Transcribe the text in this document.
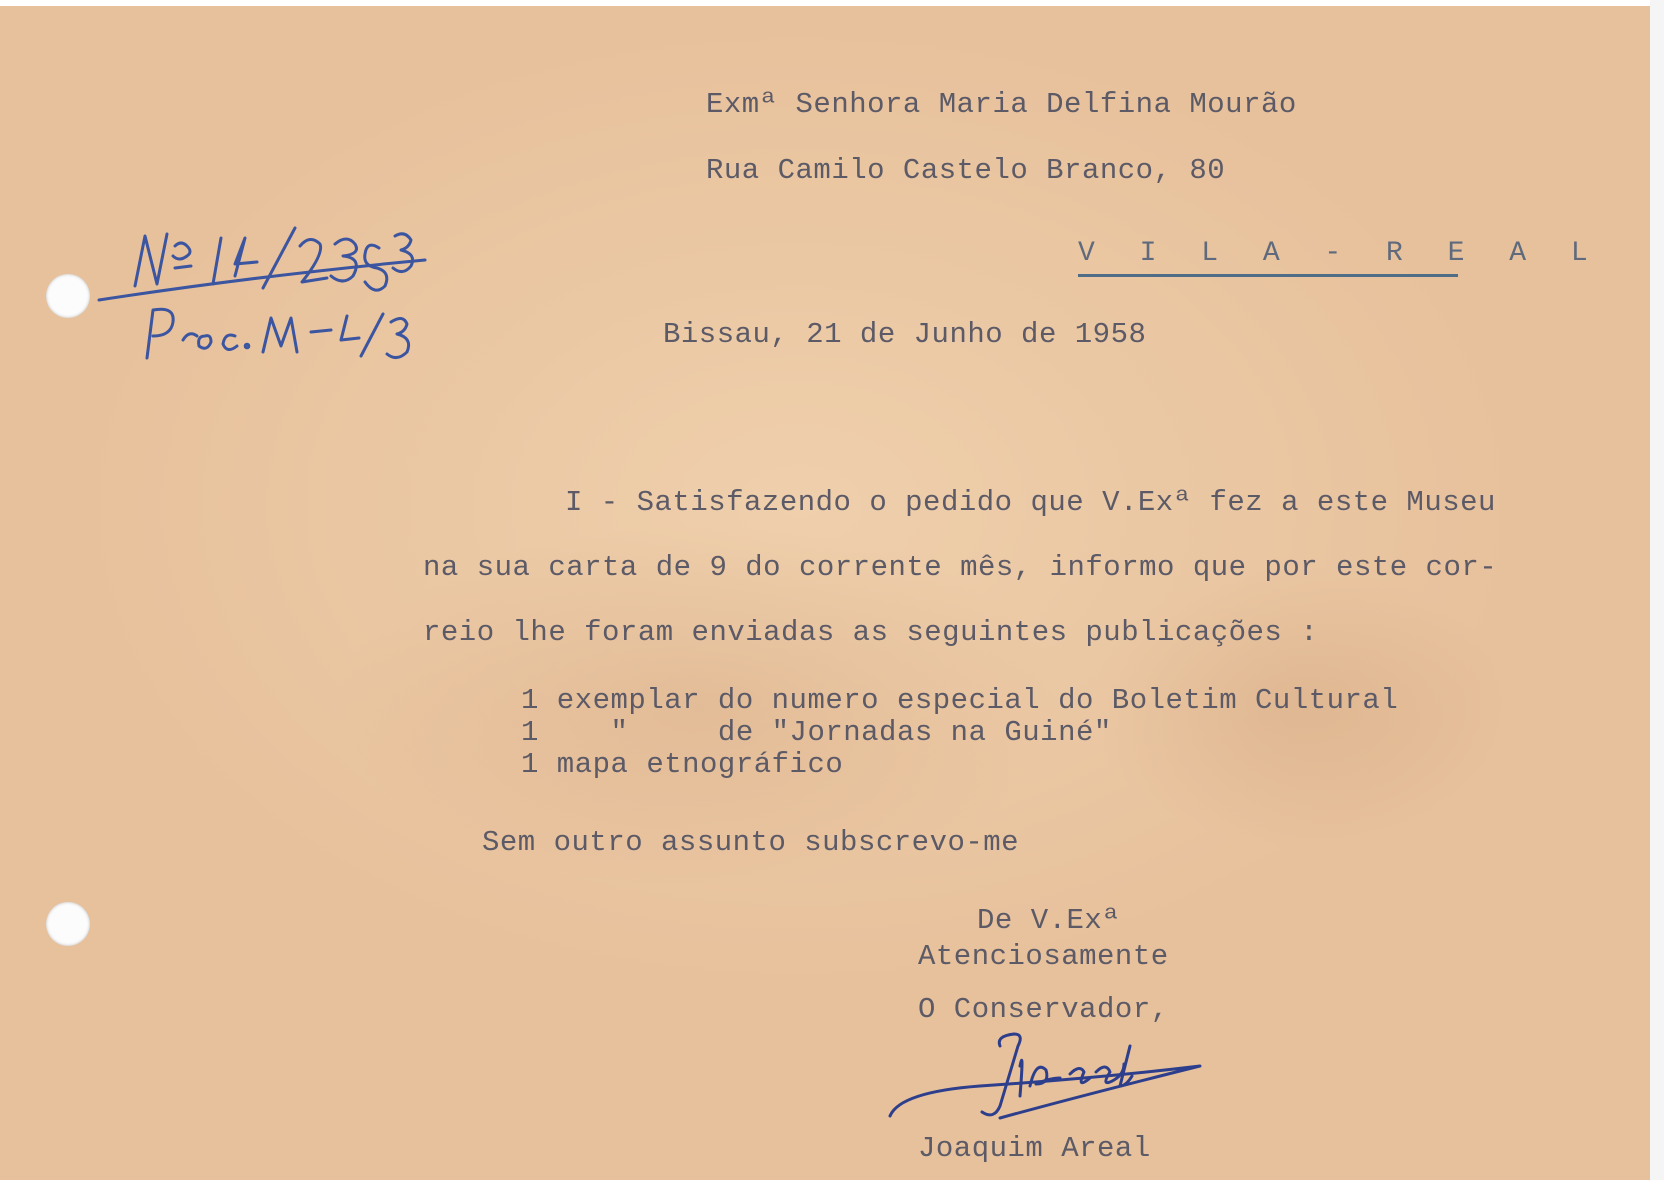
Exmª Senhora Maria Delfina Mourão

Rua Camilo Castelo Branco, 80

V I L A - R E A L

Bissau, 21 de Junho de 1958

I - Satisfazendo o pedido que V.Exª fez a este Museu

na sua carta de 9 do corrente mês, informo que por este cor-

reio lhe foram enviadas as seguintes publicações :

1 exemplar do numero especial do Boletim Cultural

1    "     de "Jornadas na Guiné"

1 mapa etnográfico

Sem outro assunto subscrevo-me

De V.Exª

Atenciosamente

O Conservador,

Joaquim Areal
